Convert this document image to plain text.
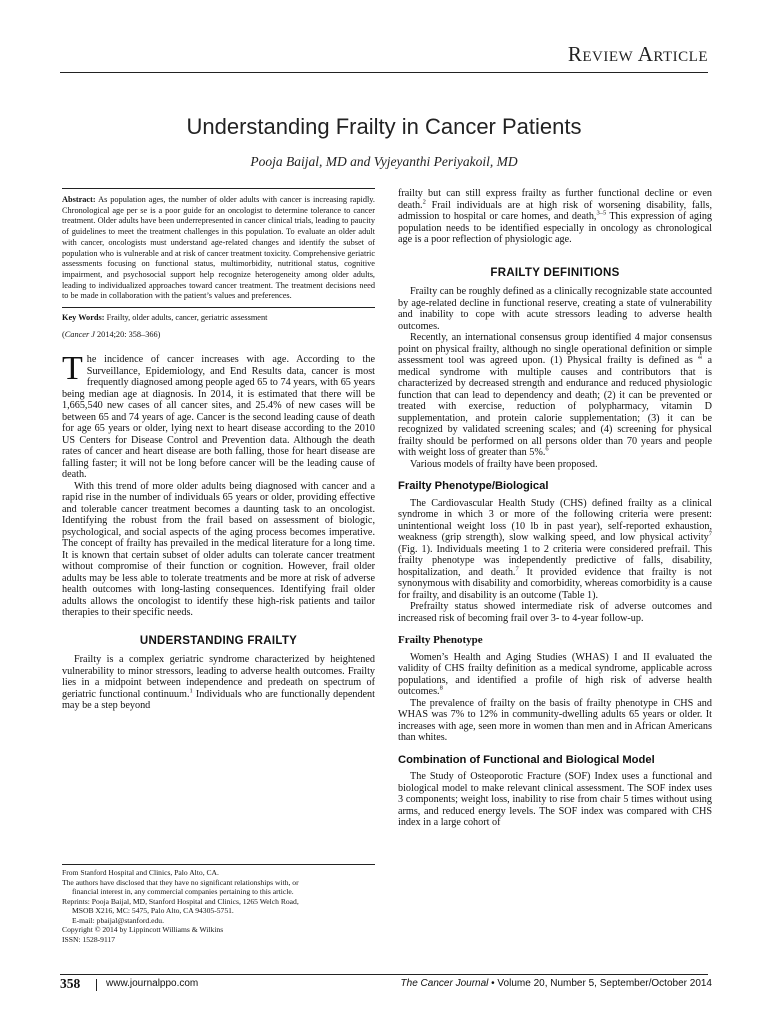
Review Article
Understanding Frailty in Cancer Patients
Pooja Baijal, MD and Vyjeyanthi Periyakoil, MD
Abstract: As population ages, the number of older adults with cancer is increasing rapidly. Chronological age per se is a poor guide for an oncologist to determine tolerance to cancer treatment. Older adults have been underrepresented in cancer clinical trials, leading to paucity of guidelines to meet the treatment challenges in this population. To evaluate an older adult with cancer, oncologists must understand age-related changes and identify the subset of population who is vulnerable and at risk of cancer treatment toxicity. Comprehensive geriatric assessments focusing on functional status, multimorbidity, nutritional status, cognitive impairment, and psychosocial support help recognize heterogeneity among older adults, leading to individualized approaches toward cancer treatment. The treatment decisions need to be made in collaboration with the patient’s values and preferences.
Key Words: Frailty, older adults, cancer, geriatric assessment
(Cancer J 2014;20: 358–366)

The incidence of cancer increases with age. According to the Surveillance, Epidemiology, and End Results data, cancer is most frequently diagnosed among people aged 65 to 74 years, with 65 years being median age at diagnosis. In 2014, it is estimated that there will be 1,665,540 new cases of all cancer sites, and 25.4% of new cases will be between 65 and 74 years of age. Cancer is the second leading cause of death for age 65 years or older, lying next to heart disease according to the 2010 US Centers for Disease Control and Prevention data. Although the death rates of cancer and heart disease are both falling, those for heart disease are falling faster; it will not be long before cancer will be the leading cause of death.

With this trend of more older adults being diagnosed with cancer and a rapid rise in the number of individuals 65 years or older, providing effective and tolerable cancer treatment becomes a daunting task to an oncologist. Identifying the robust from the frail based on assessment of biologic, psychological, and social aspects of the aging process becomes imperative. The concept of frailty has prevailed in the medical literature for a long time. It is known that certain subset of older adults can tolerate cancer treatment without compromise of their function or cognition. However, frail older adults may be less able to tolerate treatments and be more at risk of adverse health outcomes with long-lasting consequences. Identifying frail older adults allows the oncologist to identify these high-risk patients and tailor therapies to their specific needs.

UNDERSTANDING FRAILTY

Frailty is a complex geriatric syndrome characterized by heightened vulnerability to minor stressors, leading to adverse health outcomes. Frailty lies in a midpoint between independence and predeath on spectrum of geriatric functional continuum.$^1$ Individuals who are functionally dependent may be a step beyond

frailty but can still express frailty as further functional decline or even death.$^2$ Frail individuals are at high risk of worsening disability, falls, admission to hospital or care homes, and death,$^{3-5}$ This expression of aging population needs to be identified especially in oncology as chronological age is a poor reflection of physiologic age.

FRAILTY DEFINITIONS

Frailty can be roughly defined as a clinically recognizable state accounted by age-related decline in functional reserve, creating a state of vulnerability and inability to cope with acute stressors leading to adverse health outcomes.

Recently, an international consensus group identified 4 major consensus point on physical frailty, although no single operational definition or simple assessment tool was agreed upon. (1) Physical frailty is defined as “ a medical syndrome with multiple causes and contributors that is characterized by decreased strength and endurance and reduced physiologic function that can lead to dependency and death; (2) it can be prevented or treated with exercise, reduction of polypharmacy, vitamin D supplementation, and protein calorie supplementation; (3) it can be recognized by validated screening scales; and (4) screening for physical frailty should be performed on all persons older than 70 years and people with weight loss of greater than 5%.$^6$

Various models of frailty have been proposed.

Frailty Phenotype/Biological

The Cardiovascular Health Study (CHS) defined frailty as a clinical syndrome in which 3 or more of the following criteria were present: unintentional weight loss (10 lb in past year), self-reported exhaustion, weakness (grip strength), slow walking speed, and low physical activity$^7$ (Fig. 1). Individuals meeting 1 to 2 criteria were considered prefrail. This frailty phenotype was independently predictive of falls, disability, hospitalization, and death.$^7$ It provided evidence that frailty is not synonymous with disability and comorbidity, whereas comorbidity is a cause for frailty, and disability is an outcome (Table 1).

Prefrailty status showed intermediate risk of adverse outcomes and increased risk of becoming frail over 3- to 4-year follow-up.

Frailty Phenotype

Women’s Health and Aging Studies (WHAS) I and II evaluated the validity of CHS frailty definition as a medical syndrome, applicable across populations, and identified a profile of high risk of adverse health outcomes.$^8$

The prevalence of frailty on the basis of frailty phenotype in CHS and WHAS was 7% to 12% in community-dwelling adults 65 years or older. It increases with age, seen more in women than men and in African Americans than whites.

Combination of Functional and Biological Model

The Study of Osteoporotic Fracture (SOF) Index uses a functional and biological model to make relevant clinical assessment. The SOF index uses 3 components; weight loss, inability to rise from chair 5 times without using arms, and reduced energy levels. The SOF index was compared with CHS index in a large cohort of

From Stanford Hospital and Clinics, Palo Alto, CA.
The authors have disclosed that they have no significant relationships with, or
financial interest in, any commercial companies pertaining to this article.
Reprints: Pooja Baijal, MD, Stanford Hospital and Clinics, 1265 Welch Road,
MSOB X216, MC: 5475, Palo Alto, CA 94305-5751.
E-mail: pbaijal@stanford.edu.
Copyright © 2014 by Lippincott Williams & Wilkins
ISSN: 1528-9117
358	www.journalppo.com	The Cancer Journal • Volume 20, Number 5, September/October 2014
